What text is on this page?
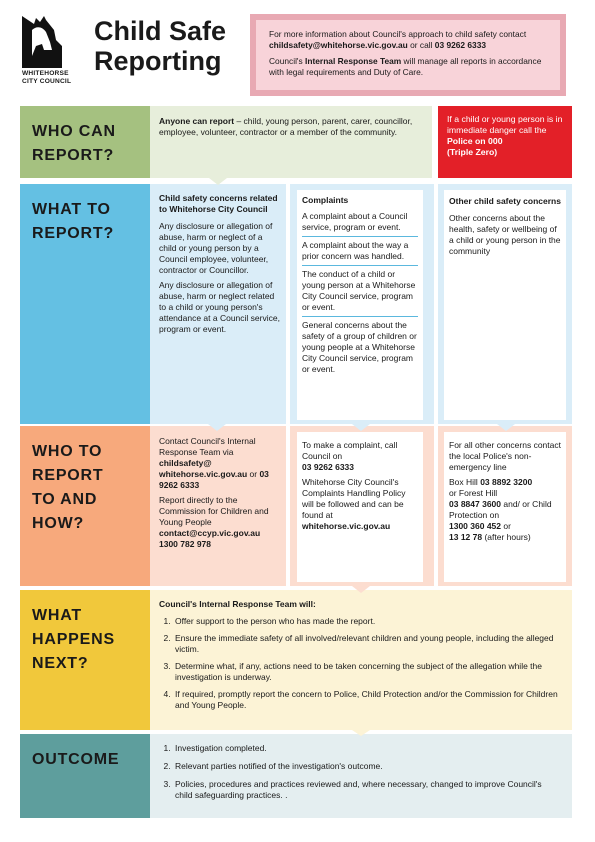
WHITEHORSE
CITY COUNCIL
Child Safe
Reporting

For more information about Council's approach to child safety contact childsafety@whitehorse.vic.gov.au or call 03 9262 6333

Council's Internal Response Team will manage all reports in accordance with legal requirements and Duty of Care.

WHO CAN
REPORT?
Anyone can report – child, young person, parent, carer, councillor, employee, volunteer, contractor or a member of the community.
If a child or young person is in immediate danger call the Police on 000
(Triple Zero)
WHAT TO
REPORT?

Child safety concerns related to Whitehorse City Council

Any disclosure or allegation of abuse, harm or neglect of a child or young person by a Council employee, volunteer, contractor or Councillor.

Any disclosure or allegation of abuse, harm or neglect related to a child or young person's attendance at a Council service, program or event.

Complaints
A complaint about a Council service, program or event.
A complaint about the way a prior concern was handled.
The conduct of a child or young person at a Whitehorse City Council service, program or event.
General concerns about the safety of a group of children or young people at a Whitehorse City Council service, program or event.

Other child safety concerns

Other concerns about the health, safety or wellbeing of a child or young person in the community

WHO TO
REPORT
TO AND
HOW?

Contact Council's Internal Response Team via childsafety@ whitehorse.vic.gov.au or 03 9262 6333

Report directly to the Commission for Children and Young People
contact@ccyp.vic.gov.au
1300 782 978

To make a complaint, call Council on
03 9262 6333

Whitehorse City Council's Complaints Handling Policy will be followed and can be found at
whitehorse.vic.gov.au

For all other concerns contact the local Police's non-emergency line

Box Hill 03 8892 3200
or Forest Hill
03 8847 3600 and/ or Child Protection on
1300 360 452 or
13 12 78 (after hours)

WHAT
HAPPENS
NEXT?

Council's Internal Response Team will:

1. Offer support to the person who has made the report.
2. Ensure the immediate safety of all involved/relevant children and young people, including the alleged victim.
3. Determine what, if any, actions need to be taken concerning the subject of the allegation while the investigation is underway.
4. If required, promptly report the concern to Police, Child Protection and/or the Commission for Children and Young People.
OUTCOME
1. Investigation completed.
2. Relevant parties notified of the investigation's outcome.
3. Policies, procedures and practices reviewed and, where necessary, changed to improve Council's child safeguarding practices. .
